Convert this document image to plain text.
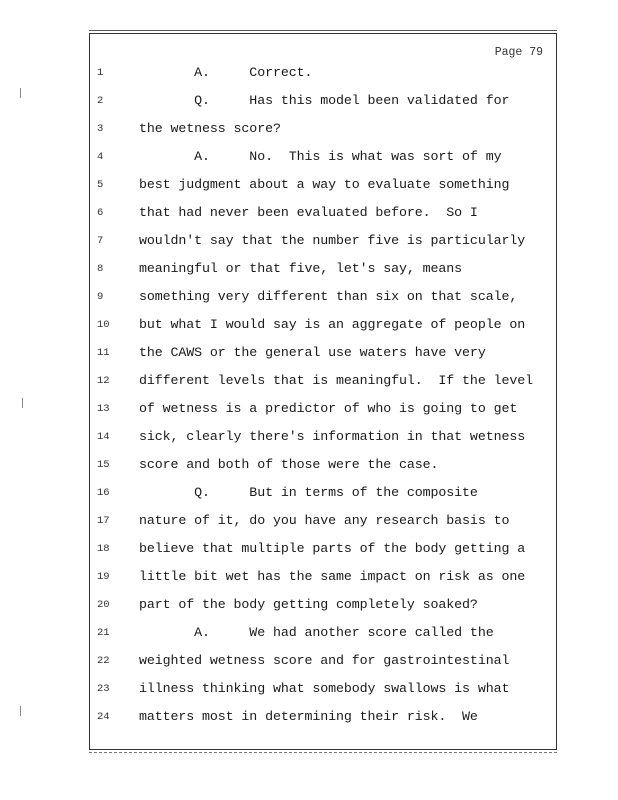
Page 79
1	A.     Correct.
2	Q.     Has this model been validated for
3	the wetness score?
4	A.     No.  This is what was sort of my
5	best judgment about a way to evaluate something
6	that had never been evaluated before.  So I
7	wouldn't say that the number five is particularly
8	meaningful or that five, let's say, means
9	something very different than six on that scale,
10	but what I would say is an aggregate of people on
11	the CAWS or the general use waters have very
12	different levels that is meaningful.  If the level
13	of wetness is a predictor of who is going to get
14	sick, clearly there's information in that wetness
15	score and both of those were the case.
16	Q.     But in terms of the composite
17	nature of it, do you have any research basis to
18	believe that multiple parts of the body getting a
19	little bit wet has the same impact on risk as one
20	part of the body getting completely soaked?
21	A.     We had another score called the
22	weighted wetness score and for gastrointestinal
23	illness thinking what somebody swallows is what
24	matters most in determining their risk.  We
